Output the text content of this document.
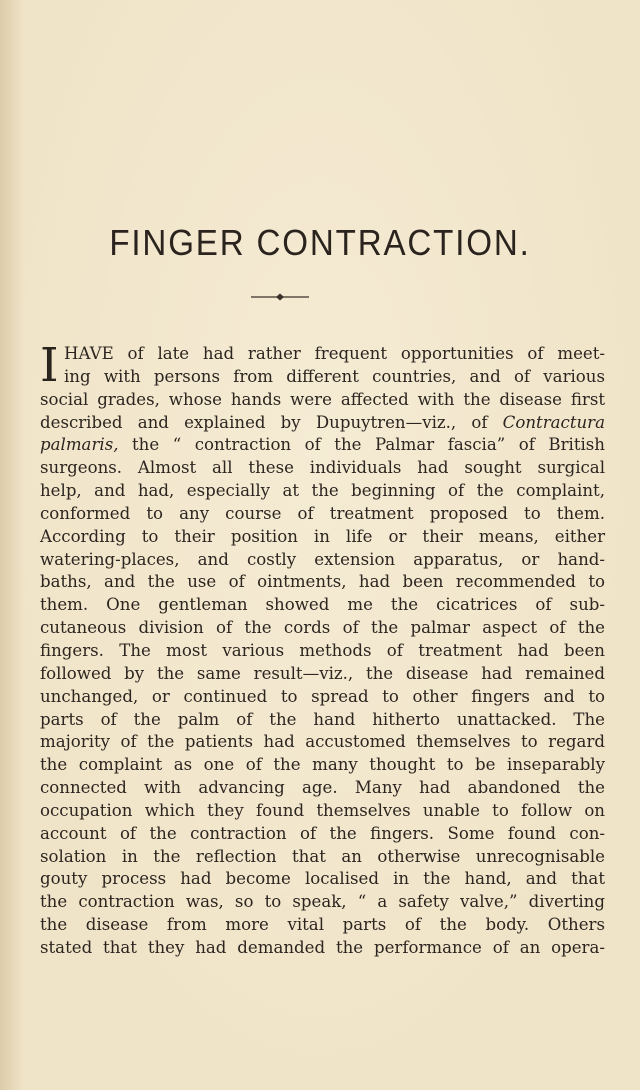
FINGER CONTRACTION.
I HAVE of late had rather frequent opportunities of meet-
ing with persons from different countries, and of various
social grades, whose hands were affected with the disease first
described and explained by Dupuytren—viz., of Contractura
palmaris, the “ contraction of the Palmar fascia” of British
surgeons. Almost all these individuals had sought surgical
help, and had, especially at the beginning of the complaint,
conformed to any course of treatment proposed to them.
According to their position in life or their means, either
watering-places, and costly extension apparatus, or hand-
baths, and the use of ointments, had been recommended to
them. One gentleman showed me the cicatrices of sub-
cutaneous division of the cords of the palmar aspect of the
fingers. The most various methods of treatment had been
followed by the same result—viz., the disease had remained
unchanged, or continued to spread to other fingers and to
parts of the palm of the hand hitherto unattacked. The
majority of the patients had accustomed themselves to regard
the complaint as one of the many thought to be inseparably
connected with advancing age. Many had abandoned the
occupation which they found themselves unable to follow on
account of the contraction of the fingers. Some found con-
solation in the reflection that an otherwise unrecognisable
gouty process had become localised in the hand, and that
the contraction was, so to speak, “ a safety valve,” diverting
the disease from more vital parts of the body. Others
stated that they had demanded the performance of an opera-
